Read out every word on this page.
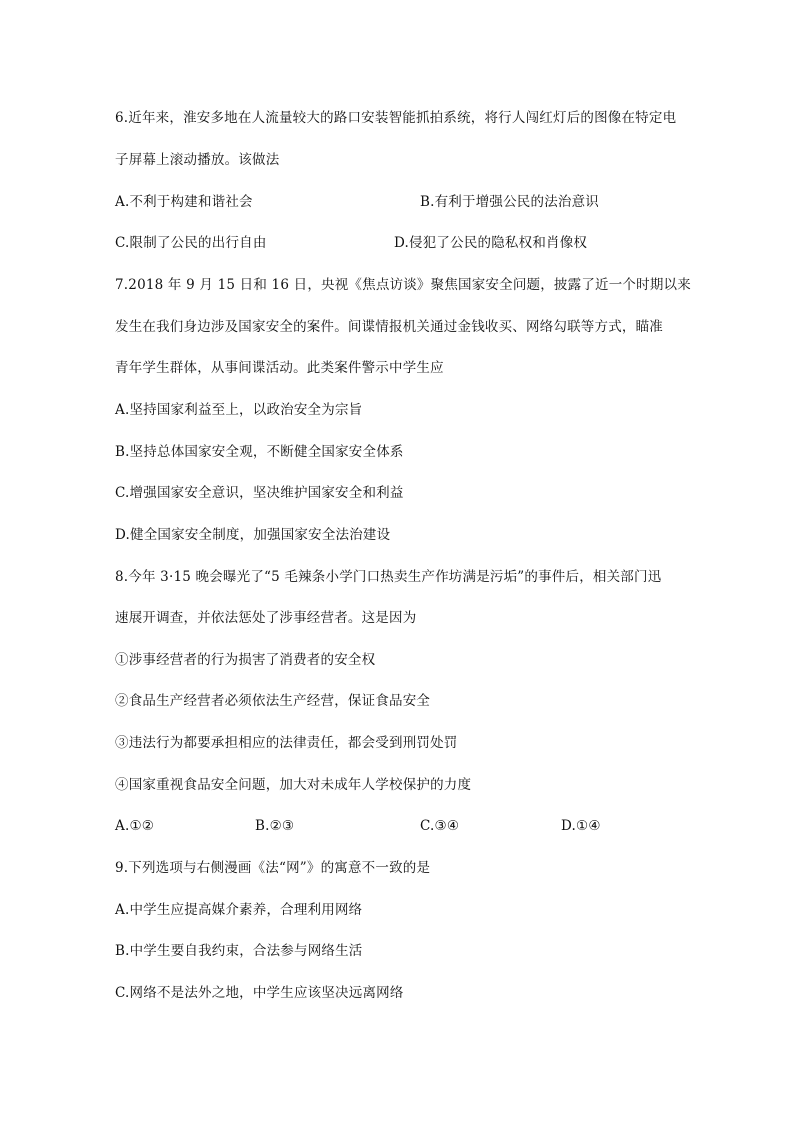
6.近年来，淮安多地在人流量较大的路口安装智能抓拍系统，将行人闯红灯后的图像在特定电
子屏幕上滚动播放。该做法
A.不利于构建和谐社会	B.有利于增强公民的法治意识
C.限制了公民的出行自由	D.侵犯了公民的隐私权和肖像权
7.2018 年 9 月 15 日和 16 日，央视《焦点访谈》聚焦国家安全问题，披露了近一个时期以来
发生在我们身边涉及国家安全的案件。间谍情报机关通过金钱收买、网络勾联等方式，瞄准
青年学生群体，从事间谍活动。此类案件警示中学生应
A.坚持国家利益至上，以政治安全为宗旨
B.坚持总体国家安全观，不断健全国家安全体系
C.增强国家安全意识，坚决维护国家安全和利益
D.健全国家安全制度，加强国家安全法治建设
8.今年 3·15 晚会曝光了“5 毛辣条小学门口热卖生产作坊满是污垢”的事件后，相关部门迅
速展开调查，并依法惩处了涉事经营者。这是因为
①涉事经营者的行为损害了消费者的安全权
②食品生产经营者必须依法生产经营，保证食品安全
③违法行为都要承担相应的法律责任，都会受到刑罚处罚
④国家重视食品安全问题，加大对未成年人学校保护的力度
A.①②	B.②③	C.③④	D.①④
9.下列选项与右侧漫画《法“网”》的寓意不一致的是
A.中学生应提高媒介素养，合理利用网络
B.中学生要自我约束，合法参与网络生活
C.网络不是法外之地，中学生应该坚决远离网络
